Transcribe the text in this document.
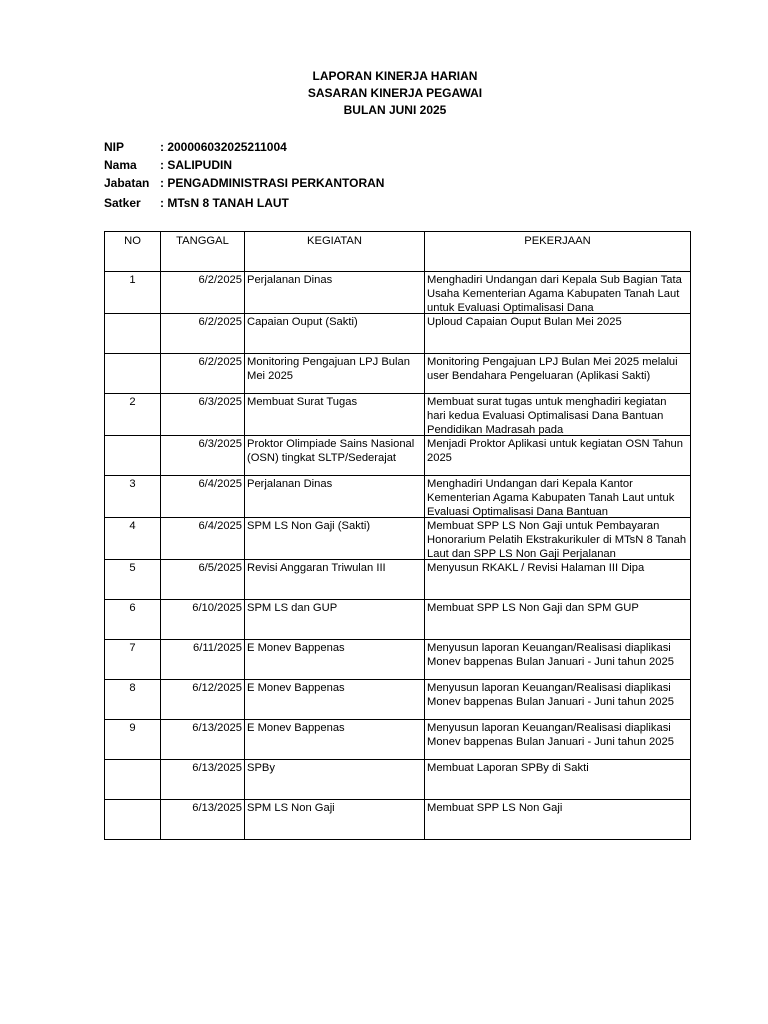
LAPORAN KINERJA HARIAN
SASARAN KINERJA PEGAWAI
BULAN JUNI 2025
NIP	: 200006032025211004
Nama	: SALIPUDIN
Jabatan : PENGADMINISTRASI PERKANTORAN
Satker	: MTsN 8 TANAH LAUT
NO	TANGGAL	KEGIATAN	PEKERJAAN
1	6/2/2025	Perjalanan Dinas	Menghadiri Undangan dari Kepala Sub Bagian Tata Usaha Kementerian Agama Kabupaten Tanah Laut untuk Evaluasi Optimalisasi Dana

	6/2/2025	Capaian Ouput (Sakti)	Uploud Capaian Ouput Bulan Mei 2025

	6/2/2025	Monitoring Pengajuan LPJ Bulan Mei 2025	Monitoring Pengajuan LPJ Bulan Mei 2025 melalui user Bendahara Pengeluaran (Aplikasi Sakti)

2	6/3/2025	Membuat Surat Tugas	Membuat surat tugas untuk menghadiri kegiatan hari kedua Evaluasi Optimalisasi Dana Bantuan Pendidikan Madrasah pada

	6/3/2025	Proktor Olimpiade Sains Nasional (OSN) tingkat SLTP/Sederajat	Menjadi Proktor Aplikasi untuk kegiatan OSN Tahun 2025

3	6/4/2025	Perjalanan Dinas	Menghadiri Undangan dari Kepala Kantor Kementerian Agama Kabupaten Tanah Laut untuk Evaluasi Optimalisasi Dana Bantuan

4	6/4/2025	SPM LS Non Gaji (Sakti)	Membuat SPP LS Non Gaji untuk Pembayaran Honorarium Pelatih Ekstrakurikuler di MTsN 8 Tanah Laut dan SPP LS Non Gaji Perjalanan

5	6/5/2025	Revisi Anggaran Triwulan III	Menyusun RKAKL / Revisi Halaman III Dipa

6	6/10/2025	SPM LS dan GUP	Membuat SPP LS Non Gaji dan SPM GUP

7	6/11/2025	E Monev Bappenas	Menyusun laporan Keuangan/Realisasi diaplikasi Monev bappenas Bulan Januari - Juni tahun 2025

8	6/12/2025	E Monev Bappenas	Menyusun laporan Keuangan/Realisasi diaplikasi Monev bappenas Bulan Januari - Juni tahun 2025

9	6/13/2025	E Monev Bappenas	Menyusun laporan Keuangan/Realisasi diaplikasi Monev bappenas Bulan Januari - Juni tahun 2025

	6/13/2025	SPBy	Membuat Laporan SPBy di Sakti

	6/13/2025	SPM LS Non Gaji	Membuat SPP LS Non Gaji
